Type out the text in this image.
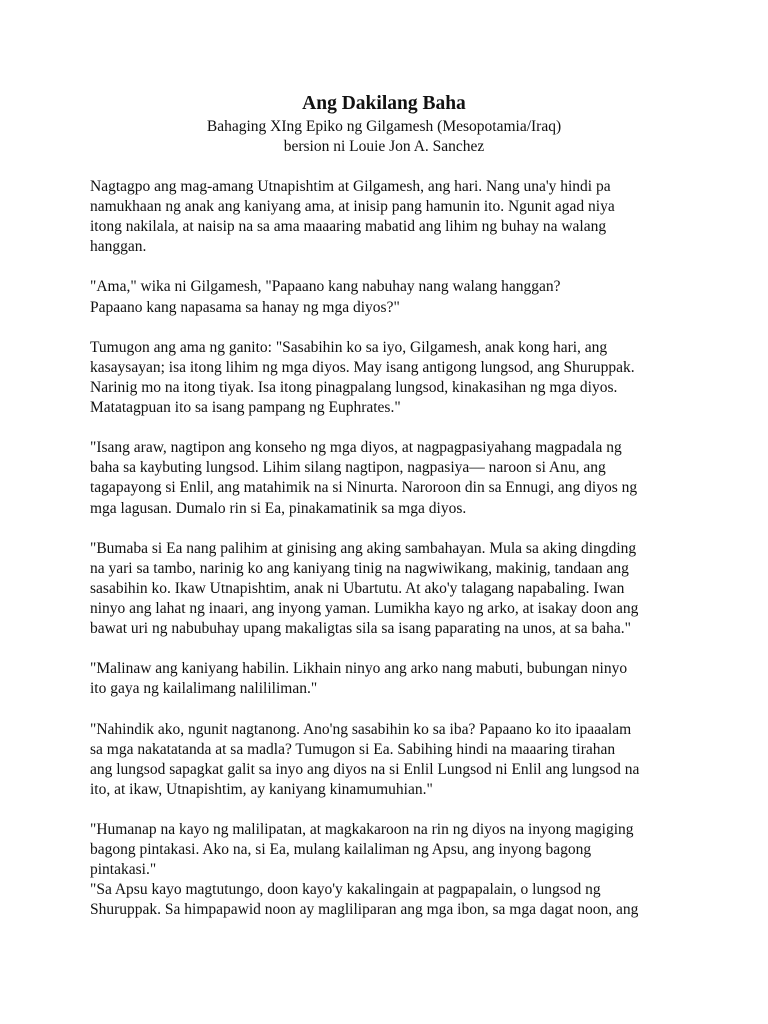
Ang Dakilang Baha
Bahaging XIng Epiko ng Gilgamesh (Mesopotamia/Iraq)
bersion ni Louie Jon A. Sanchez

Nagtagpo ang mag-amang Utnapishtim at Gilgamesh, ang hari. Nang una'y hindi pa
namukhaan ng anak ang kaniyang ama, at inisip pang hamunin ito. Ngunit agad niya
itong nakilala, at naisip na sa ama maaaring mabatid ang lihim ng buhay na walang
hanggan.

"Ama," wika ni Gilgamesh, "Papaano kang nabuhay nang walang hanggan?
Papaano kang napasama sa hanay ng mga diyos?"

Tumugon ang ama ng ganito: "Sasabihin ko sa iyo, Gilgamesh, anak kong hari, ang
kasaysayan; isa itong lihim ng mga diyos. May isang antigong lungsod, ang Shuruppak.
Narinig mo na itong tiyak. Isa itong pinagpalang lungsod, kinakasihan ng mga diyos.
Matatagpuan ito sa isang pampang ng Euphrates."

"Isang araw, nagtipon ang konseho ng mga diyos, at nagpagpasiyahang magpadala ng
baha sa kaybuting lungsod. Lihim silang nagtipon, nagpasiya— naroon si Anu, ang
tagapayong si Enlil, ang matahimik na si Ninurta. Naroroon din sa Ennugi, ang diyos ng
mga lagusan. Dumalo rin si Ea, pinakamatinik sa mga diyos.

"Bumaba si Ea nang palihim at ginising ang aking sambahayan. Mula sa aking dingding
na yari sa tambo, narinig ko ang kaniyang tinig na nagwiwikang, makinig, tandaan ang
sasabihin ko. Ikaw Utnapishtim, anak ni Ubartutu. At ako'y talagang napabaling. Iwan
ninyo ang lahat ng inaari, ang inyong yaman. Lumikha kayo ng arko, at isakay doon ang
bawat uri ng nabubuhay upang makaligtas sila sa isang paparating na unos, at sa baha."

"Malinaw ang kaniyang habilin. Likhain ninyo ang arko nang mabuti, bubungan ninyo
ito gaya ng kailalimang nalililiman."

"Nahindik ako, ngunit nagtanong. Ano'ng sasabihin ko sa iba? Papaano ko ito ipaaalam
sa mga nakatatanda at sa madla? Tumugon si Ea. Sabihing hindi na maaaring tirahan
ang lungsod sapagkat galit sa inyo ang diyos na si Enlil Lungsod ni Enlil ang lungsod na
ito, at ikaw, Utnapishtim, ay kaniyang kinamumuhian."

"Humanap na kayo ng malilipatan, at magkakaroon na rin ng diyos na inyong magiging
bagong pintakasi. Ako na, si Ea, mulang kailaliman ng Apsu, ang inyong bagong
pintakasi."

"Sa Apsu kayo magtutungo, doon kayo'y kakalingain at pagpapalain, o lungsod ng
Shuruppak. Sa himpapawid noon ay magliliparan ang mga ibon, sa mga dagat noon, ang
